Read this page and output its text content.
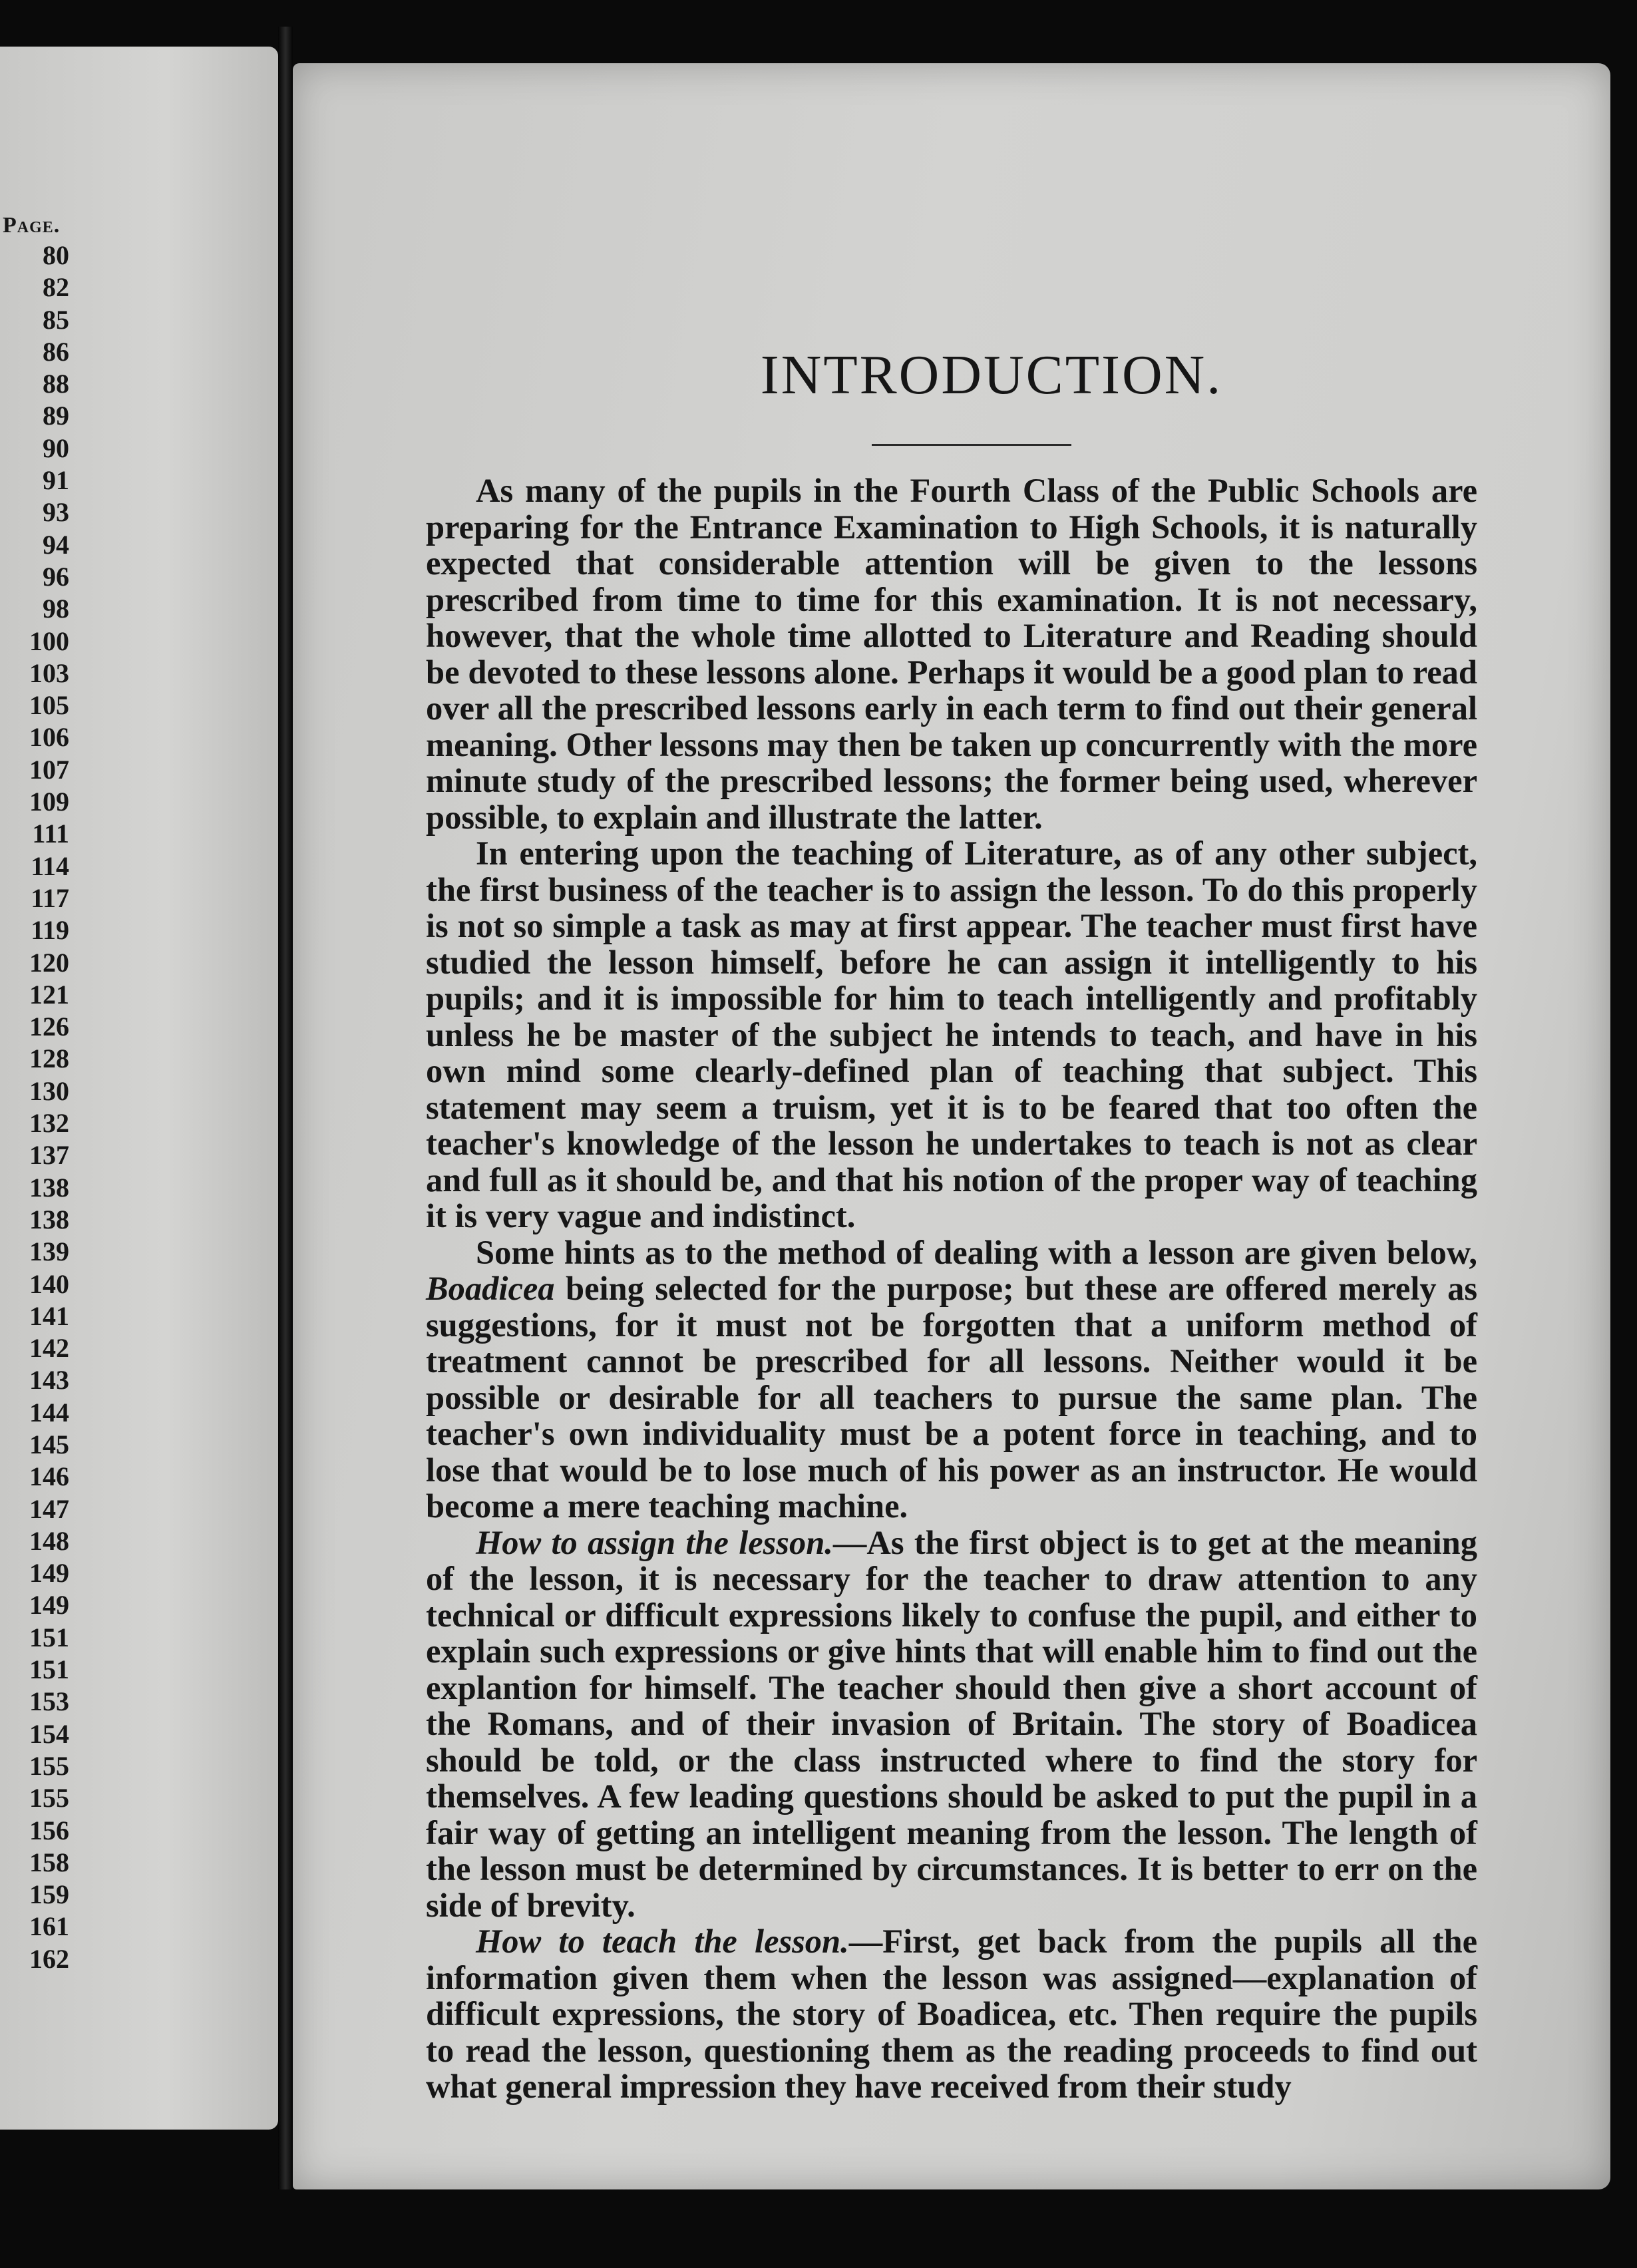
Page.
80
82
85
86
88
89
90
91
93
94
96
98
100
103
105
106
107
109
111
114
117
119
120
121
126
128
130
132
137
138
138
139
140
141
142
143
144
145
146
147
148
149
149
151
151
153
154
155
155
156
158
159
161
162
INTRODUCTION.

As many of the pupils in the Fourth Class of the Public Schools are preparing for the Entrance Examination to High Schools, it is naturally expected that considerable attention will be given to the lessons prescribed from time to time for this examination. It is not necessary, however, that the whole time allotted to Literature and Reading should be devoted to these lessons alone. Perhaps it would be a good plan to read over all the prescribed lessons early in each term to find out their general meaning. Other lessons may then be taken up concurrently with the more minute study of the prescribed lessons; the former being used, wherever possible, to explain and illustrate the latter.

In entering upon the teaching of Literature, as of any other subject, the first business of the teacher is to assign the lesson. To do this properly is not so simple a task as may at first appear. The teacher must first have studied the lesson himself, before he can assign it intelligently to his pupils; and it is impossible for him to teach intelligently and profitably unless he be master of the subject he intends to teach, and have in his own mind some clearly-defined plan of teaching that subject. This statement may seem a truism, yet it is to be feared that too often the teacher's knowledge of the lesson he undertakes to teach is not as clear and full as it should be, and that his notion of the proper way of teaching it is very vague and indistinct.

Some hints as to the method of dealing with a lesson are given below, Boadicea being selected for the purpose; but these are offered merely as suggestions, for it must not be forgotten that a uniform method of treatment cannot be prescribed for all lessons. Neither would it be possible or desirable for all teachers to pursue the same plan. The teacher's own individuality must be a potent force in teaching, and to lose that would be to lose much of his power as an instructor. He would become a mere teaching machine.

How to assign the lesson.—As the first object is to get at the meaning of the lesson, it is necessary for the teacher to draw attention to any technical or difficult expressions likely to confuse the pupil, and either to explain such expressions or give hints that will enable him to find out the explantion for himself. The teacher should then give a short account of the Romans, and of their invasion of Britain. The story of Boadicea should be told, or the class instructed where to find the story for themselves. A few leading questions should be asked to put the pupil in a fair way of getting an intelligent meaning from the lesson. The length of the lesson must be determined by circumstances. It is better to err on the side of brevity.

How to teach the lesson.—First, get back from the pupils all the information given them when the lesson was assigned—explanation of difficult expressions, the story of Boadicea, etc. Then require the pupils to read the lesson, questioning them as the reading proceeds to find out what general impression they have received from their study
